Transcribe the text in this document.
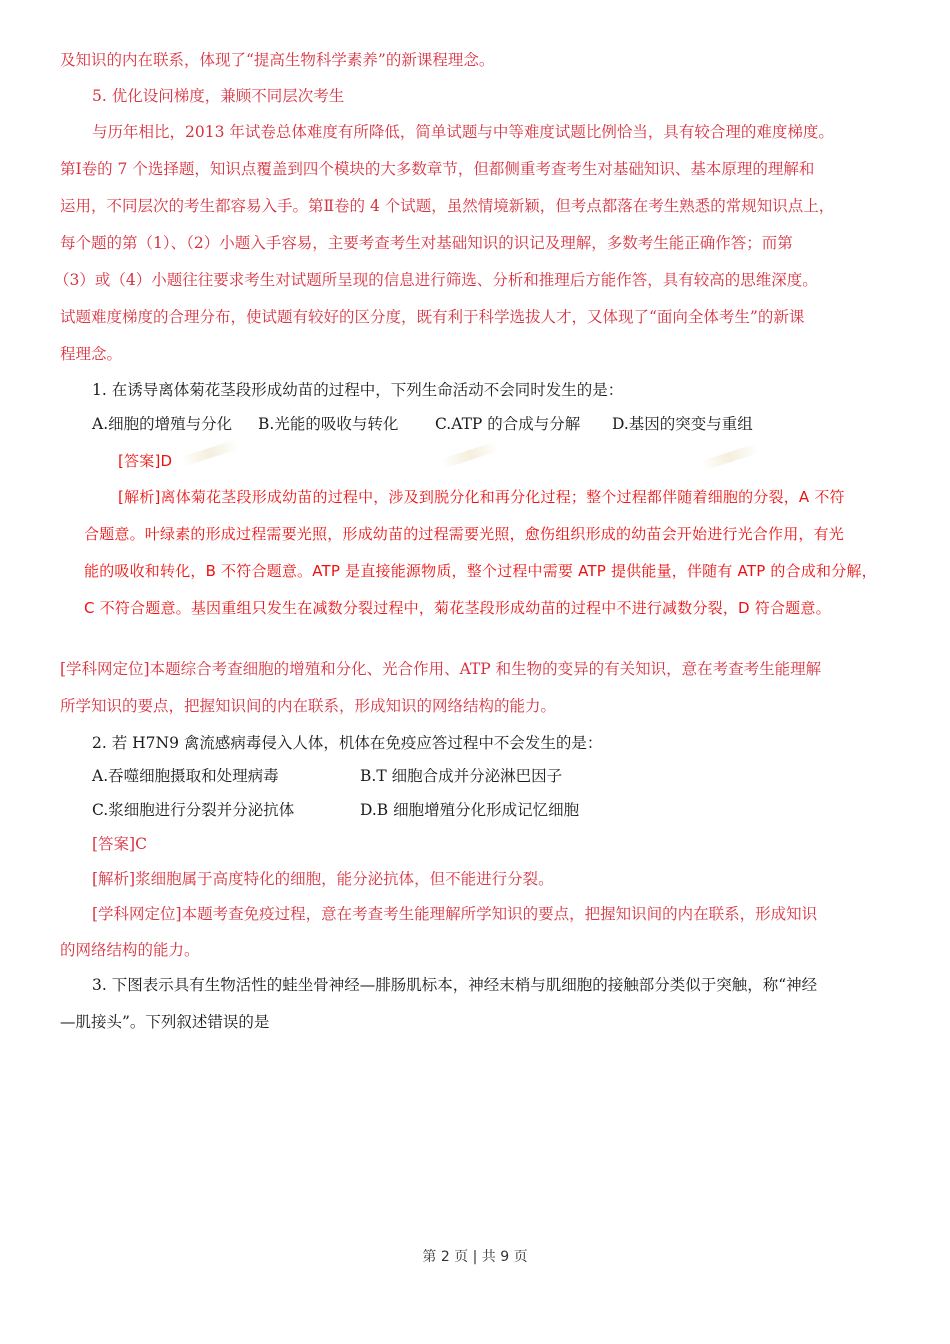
及知识的内在联系，体现了“提高生物科学素养”的新课程理念。
5. 优化设问梯度，兼顾不同层次考生
与历年相比，2013 年试卷总体难度有所降低，简单试题与中等难度试题比例恰当，具有较合理的难度梯度。
第Ⅰ卷的 7 个选择题，知识点覆盖到四个模块的大多数章节，但都侧重考查考生对基础知识、基本原理的理解和
运用，不同层次的考生都容易入手。第Ⅱ卷的 4 个试题，虽然情境新颖，但考点都落在考生熟悉的常规知识点上，
每个题的第（1）、（2）小题入手容易，主要考查考生对基础知识的识记及理解，多数考生能正确作答；而第
（3）或（4）小题往往要求考生对试题所呈现的信息进行筛选、分析和推理后方能作答，具有较高的思维深度。
试题难度梯度的合理分布，使试题有较好的区分度，既有利于科学选拔人才，又体现了“面向全体考生”的新课
程理念。
1. 在诱导离体菊花茎段形成幼苗的过程中，下列生命活动不会同时发生的是：
A.细胞的增殖与分化 B.光能的吸收与转化 C.ATP 的合成与分解 D.基因的突变与重组
[答案]D
[解析]离体菊花茎段形成幼苗的过程中，涉及到脱分化和再分化过程；整个过程都伴随着细胞的分裂，A 不符
合题意。叶绿素的形成过程需要光照，形成幼苗的过程需要光照，愈伤组织形成的幼苗会开始进行光合作用，有光
能的吸收和转化，B 不符合题意。ATP 是直接能源物质，整个过程中需要 ATP 提供能量，伴随有 ATP 的合成和分解，
C 不符合题意。基因重组只发生在减数分裂过程中，菊花茎段形成幼苗的过程中不进行减数分裂，D 符合题意。
[学科网定位]本题综合考查细胞的增殖和分化、光合作用、ATP 和生物的变异的有关知识，意在考查考生能理解
所学知识的要点，把握知识间的内在联系，形成知识的网络结构的能力。
2. 若 H7N9 禽流感病毒侵入人体，机体在免疫应答过程中不会发生的是：
A.吞噬细胞摄取和处理病毒	B.T 细胞合成并分泌淋巴因子
C.浆细胞进行分裂并分泌抗体	D.B 细胞增殖分化形成记忆细胞
[答案]C
[解析]浆细胞属于高度特化的细胞，能分泌抗体，但不能进行分裂。
[学科网定位]本题考查免疫过程，意在考查考生能理解所学知识的要点，把握知识间的内在联系，形成知识
的网络结构的能力。
3. 下图表示具有生物活性的蛙坐骨神经—腓肠肌标本，神经末梢与肌细胞的接触部分类似于突触，称“神经
—肌接头”。下列叙述错误的是
第 2 页 | 共 9 页
